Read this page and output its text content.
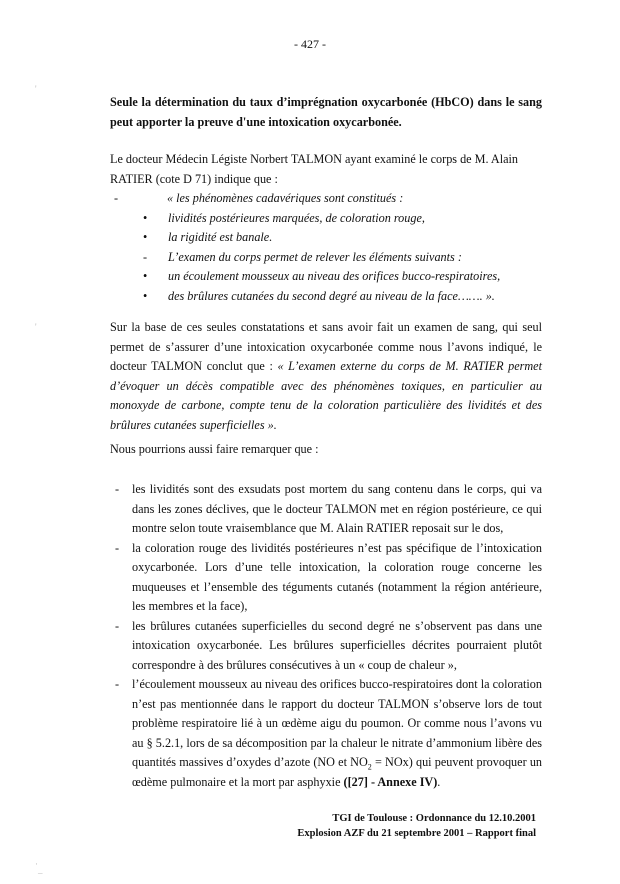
- 427 -
Seule la détermination du taux d’imprégnation oxycarbonée (HbCO) dans le sang peut apporter la preuve d'une intoxication oxycarbonée.
Le docteur Médecin Légiste Norbert TALMON ayant examiné le corps de M. Alain
RATIER (cote D 71) indique que :
-	« les phénomènes cadavériques sont constitués :
• lividités postérieures marquées, de coloration rouge,
• la rigidité est banale.
- L’examen du corps permet de relever les éléments suivants :
• un écoulement mousseux au niveau des orifices bucco-respiratoires,
• des brûlures cutanées du second degré au niveau de la face……. ».
Sur la base de ces seules constatations et sans avoir fait un examen de sang, qui seul permet de s’assurer d’une intoxication oxycarbonée comme nous l’avons indiqué, le docteur TALMON conclut que : « L’examen externe du corps de M. RATIER permet d’évoquer un décès compatible avec des phénomènes toxiques, en particulier au monoxyde de carbone, compte tenu de la coloration particulière des lividités et des brûlures cutanées superficielles ».
Nous pourrions aussi faire remarquer que :

- les lividités sont des exsudats post mortem du sang contenu dans le corps, qui va dans les zones déclives, que le docteur TALMON met en région postérieure, ce qui montre selon toute vraisemblance que M. Alain RATIER reposait sur le dos,

- la coloration rouge des lividités postérieures n’est pas spécifique de l’intoxication oxycarbonée. Lors d’une telle intoxication, la coloration rouge concerne les muqueuses et l’ensemble des téguments cutanés (notamment la région antérieure, les membres et la face),

- les brûlures cutanées superficielles du second degré ne s’observent pas dans une intoxication oxycarbonée. Les brûlures superficielles décrites pourraient plutôt correspondre à des brûlures consécutives à un « coup de chaleur »,

- l’écoulement mousseux au niveau des orifices bucco-respiratoires dont la coloration n’est pas mentionnée dans le rapport du docteur TALMON s’observe lors de tout problème respiratoire lié à un œdème aigu du poumon. Or comme nous l’avons vu au § 5.2.1, lors de sa décomposition par la chaleur le nitrate d’ammonium libère des quantités massives d’oxydes d’azote (NO et $NO_2 = NOx$) qui peuvent provoquer un œdème pulmonaire et la mort par asphyxie ([27] - Annexe IV).

TGI de Toulouse : Ordonnance du 12.10.2001
Explosion AZF du 21 septembre 2001 – Rapport final
'
'
·
–
